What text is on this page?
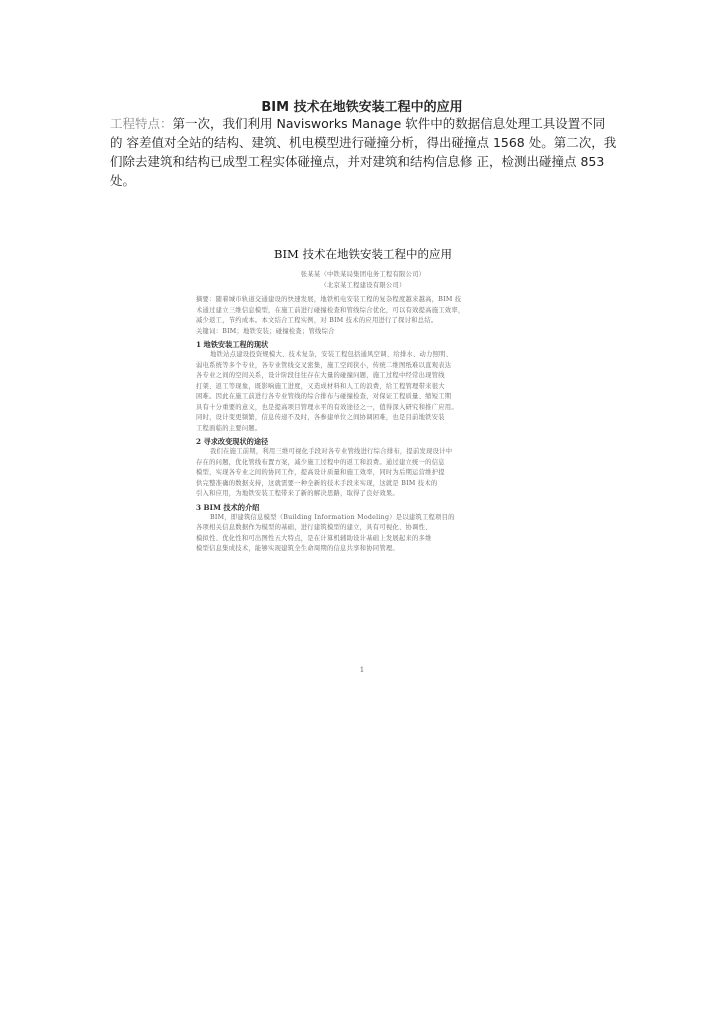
BIM 技术在地铁安装工程中的应用
工程特点：第一次，我们利用 Navisworks Manage 软件中的数据信息处理工具设置不同
的 容差值对全站的结构、建筑、机电模型进行碰撞分析，得出碰撞点 1568 处。第二次，我
们除去建筑和结构已成型工程实体碰撞点，并对建筑和结构信息修 正，检测出碰撞点 853
处。
BIM 技术在地铁安装工程中的应用
张某某（中铁某局集团电务工程有限公司）
（北京某工程建设有限公司）
摘要：随着城市轨道交通建设的快速发展，地铁机电安装工程的复杂程度越来越高，BIM 技
术通过建立三维信息模型，在施工前进行碰撞检查和管线综合优化，可以有效提高施工效率，
减少返工，节约成本。本文结合工程实例，对 BIM 技术的应用进行了探讨和总结。
关键词：BIM；地铁安装；碰撞检查；管线综合
1 地铁安装工程的现状
地铁站点建设投资规模大、技术复杂，安装工程包括通风空调、给排水、动力照明、
弱电系统等多个专业，各专业管线交叉密集，施工空间狭小，传统二维图纸难以直观表达
各专业之间的空间关系，设计阶段往往存在大量的碰撞问题，施工过程中经常出现管线
打架、返工等现象，既影响施工进度，又造成材料和人工的浪费，给工程管理带来很大
困难。因此在施工前进行各专业管线的综合排布与碰撞检查，对保证工程质量、缩短工期
具有十分重要的意义，也是提高项目管理水平的有效途径之一，值得深入研究和推广应用。
同时，设计变更频繁，信息传递不及时，各参建单位之间协调困难，也是目前地铁安装
工程面临的主要问题。
2 寻求改变现状的途径
我们在施工前期，利用三维可视化手段对各专业管线进行综合排布，提前发现设计中
存在的问题，优化管线布置方案，减少施工过程中的返工和浪费。通过建立统一的信息
模型，实现各专业之间的协同工作，提高设计质量和施工效率，同时为后期运营维护提
供完整准确的数据支持，这就需要一种全新的技术手段来实现，这就是 BIM 技术的
引入和应用，为地铁安装工程带来了新的解决思路，取得了良好效果。
3 BIM 技术的介绍
BIM，即建筑信息模型（Building Information Modeling）是以建筑工程项目的
各项相关信息数据作为模型的基础，进行建筑模型的建立，具有可视化、协调性、
模拟性、优化性和可出图性五大特点，是在计算机辅助设计基础上发展起来的多维
模型信息集成技术，能够实现建筑全生命周期的信息共享和协同管理。
1
